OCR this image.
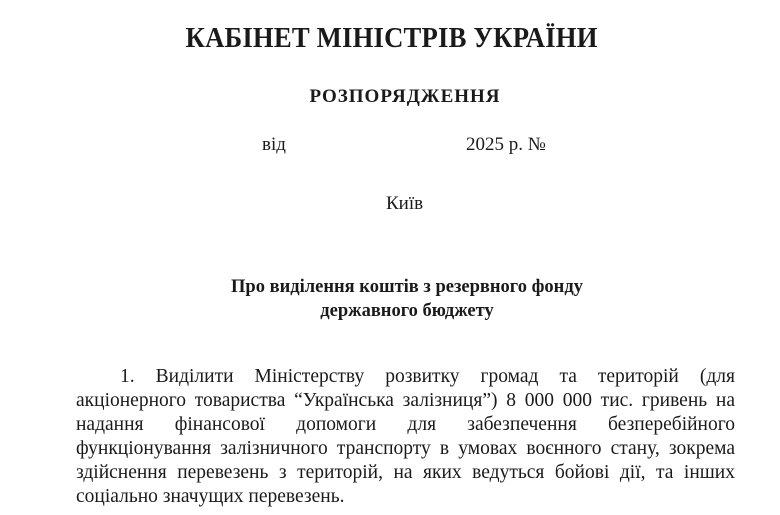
КАБІНЕТ МІНІСТРІВ УКРАЇНИ
РОЗПОРЯДЖЕННЯ
від	2025 р. №
Київ
Про виділення коштів з резервного фонду
державного бюджету
1. Виділити Міністерству розвитку громад та територій (для
акціонерного товариства “Українська залізниця”) 8 000 000 тис. гривень на
надання фінансової допомоги для забезпечення безперебійного
функціонування залізничного транспорту в умовах воєнного стану, зокрема
здійснення перевезень з територій, на яких ведуться бойові дії, та інших
соціально значущих перевезень.
